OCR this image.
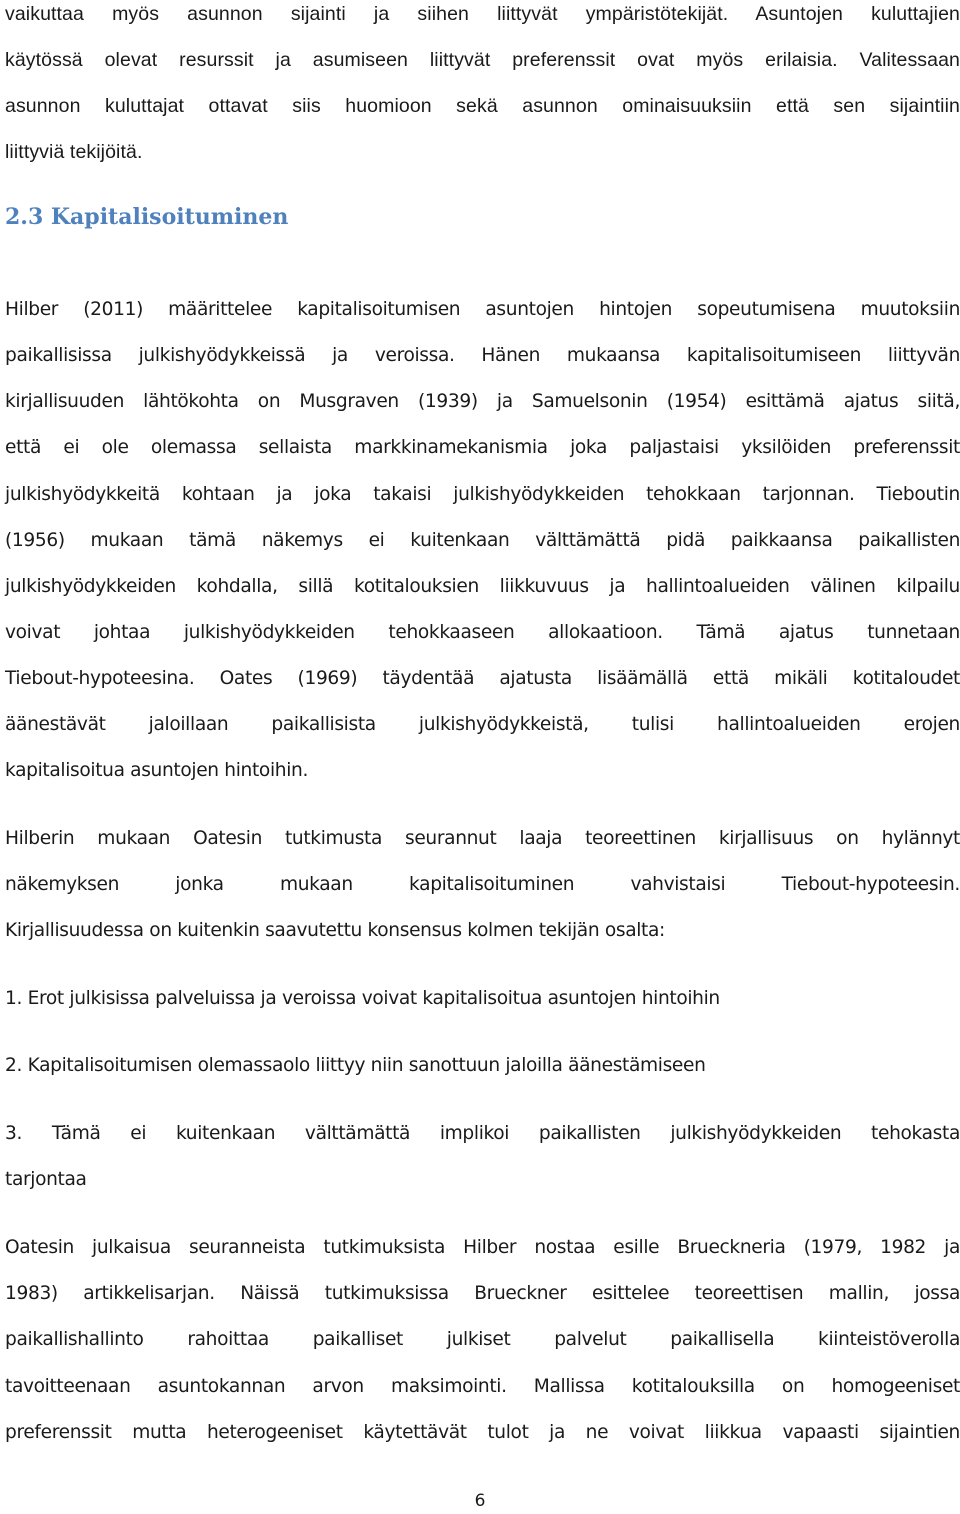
vaikuttaa myös asunnon sijainti ja siihen liittyvät ympäristötekijät. Asuntojen kuluttajien
käytössä olevat resurssit ja asumiseen liittyvät preferenssit ovat myös erilaisia. Valitessaan
asunnon kuluttajat ottavat siis huomioon sekä asunnon ominaisuuksiin että sen sijaintiin
liittyviä tekijöitä.
2.3 Kapitalisoituminen
Hilber (2011) määrittelee kapitalisoitumisen asuntojen hintojen sopeutumisena muutoksiin
paikallisissa julkishyödykkeissä ja veroissa. Hänen mukaansa kapitalisoitumiseen liittyvän
kirjallisuuden lähtökohta on Musgraven (1939) ja Samuelsonin (1954) esittämä ajatus siitä,
että ei ole olemassa sellaista markkinamekanismia joka paljastaisi yksilöiden preferenssit
julkishyödykkeitä kohtaan ja joka takaisi julkishyödykkeiden tehokkaan tarjonnan. Tieboutin
(1956) mukaan tämä näkemys ei kuitenkaan välttämättä pidä paikkaansa paikallisten
julkishyödykkeiden kohdalla, sillä kotitalouksien liikkuvuus ja hallintoalueiden välinen kilpailu
voivat johtaa julkishyödykkeiden tehokkaaseen allokaatioon. Tämä ajatus tunnetaan
Tiebout-hypoteesina. Oates (1969) täydentää ajatusta lisäämällä että mikäli kotitaloudet
äänestävät jaloillaan paikallisista julkishyödykkeistä, tulisi hallintoalueiden erojen
kapitalisoitua asuntojen hintoihin.
Hilberin mukaan Oatesin tutkimusta seurannut laaja teoreettinen kirjallisuus on hylännyt
näkemyksen jonka mukaan kapitalisoituminen vahvistaisi Tiebout-hypoteesin.
Kirjallisuudessa on kuitenkin saavutettu konsensus kolmen tekijän osalta:
1. Erot julkisissa palveluissa ja veroissa voivat kapitalisoitua asuntojen hintoihin
2. Kapitalisoitumisen olemassaolo liittyy niin sanottuun jaloilla äänestämiseen
3. Tämä ei kuitenkaan välttämättä implikoi paikallisten julkishyödykkeiden tehokasta
tarjontaa
Oatesin julkaisua seuranneista tutkimuksista Hilber nostaa esille Brueckneria (1979, 1982 ja
1983) artikkelisarjan. Näissä tutkimuksissa Brueckner esittelee teoreettisen mallin, jossa
paikallishallinto rahoittaa paikalliset julkiset palvelut paikallisella kiinteistöverolla
tavoitteenaan asuntokannan arvon maksimointi. Mallissa kotitalouksilla on homogeeniset
preferenssit mutta heterogeeniset käytettävät tulot ja ne voivat liikkua vapaasti sijaintien
6
